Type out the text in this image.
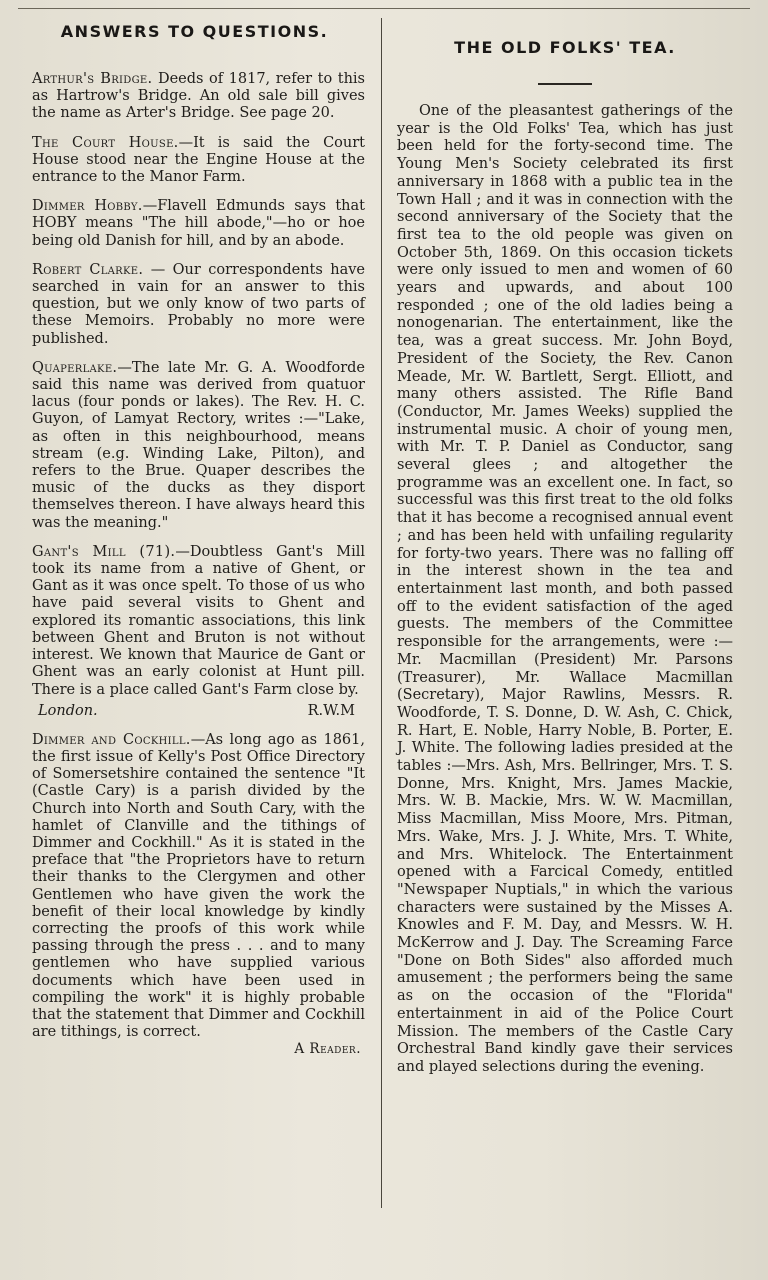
ANSWERS TO QUESTIONS.

Arthur's Bridge. Deeds of 1817, refer to this as Hartrow's Bridge. An old sale bill gives the name as Arter's Bridge. See page 20.

The Court House.—It is said the Court House stood near the Engine House at the entrance to the Manor Farm.

Dimmer Hobby.—Flavell Edmunds says that HOBY means "The hill abode,"—ho or hoe being old Danish for hill, and by an abode.

Robert Clarke. — Our correspondents have searched in vain for an answer to this question, but we only know of two parts of these Memoirs. Probably no more were published.

Quaperlake.—The late Mr. G. A. Woodforde said this name was derived from quatuor lacus (four ponds or lakes). The Rev. H. C. Guyon, of Lamyat Rectory, writes :—"Lake, as often in this neighbourhood, means stream (e.g. Winding Lake, Pilton), and refers to the Brue. Quaper describes the music of the ducks as they disport themselves thereon. I have always heard this was the meaning."

Gant's Mill (71).—Doubtless Gant's Mill took its name from a native of Ghent, or Gant as it was once spelt. To those of us who have paid several visits to Ghent and explored its romantic associations, this link between Ghent and Bruton is not without interest. We known that Maurice de Gant or Ghent was an early colonist at Hunt pill. There is a place called Gant's Farm close by.

London.	R.W.M

Dimmer and Cockhill.—As long ago as 1861, the first issue of Kelly's Post Office Directory of Somersetshire contained the sentence "It (Castle Cary) is a parish divided by the Church into North and South Cary, with the hamlet of Clanville and the tithings of Dimmer and Cockhill." As it is stated in the preface that "the Proprietors have to return their thanks to the Clergymen and other Gentlemen who have given the work the benefit of their local knowledge by kindly correcting the proofs of this work while passing through the press . . . and to many gentlemen who have supplied various documents which have been used in compiling the work" it is highly probable that the statement that Dimmer and Cockhill are tithings, is correct.

A Reader.
THE OLD FOLKS' TEA.

One of the pleasantest gatherings of the year is the Old Folks' Tea, which has just been held for the forty-second time. The Young Men's Society celebrated its first anniversary in 1868 with a public tea in the Town Hall ; and it was in connection with the second anniversary of the Society that the first tea to the old people was given on October 5th, 1869. On this occasion tickets were only issued to men and women of 60 years and upwards, and about 100 responded ; one of the old ladies being a nonogenarian. The entertainment, like the tea, was a great success. Mr. John Boyd, President of the Society, the Rev. Canon Meade, Mr. W. Bartlett, Sergt. Elliott, and many others assisted. The Rifle Band (Conductor, Mr. James Weeks) supplied the instrumental music. A choir of young men, with Mr. T. P. Daniel as Conductor, sang several glees ; and altogether the programme was an excellent one. In fact, so successful was this first treat to the old folks that it has become a recognised annual event ; and has been held with unfailing regularity for forty-two years. There was no falling off in the interest shown in the tea and entertainment last month, and both passed off to the evident satisfaction of the aged guests. The members of the Committee responsible for the arrangements, were :—Mr. Macmillan (President) Mr. Parsons (Treasurer), Mr. Wallace Macmillan (Secretary), Major Rawlins, Messrs. R. Woodforde, T. S. Donne, D. W. Ash, C. Chick, R. Hart, E. Noble, Harry Noble, B. Porter, E. J. White. The following ladies presided at the tables :—Mrs. Ash, Mrs. Bellringer, Mrs. T. S. Donne, Mrs. Knight, Mrs. James Mackie, Mrs. W. B. Mackie, Mrs. W. W. Macmillan, Miss Macmillan, Miss Moore, Mrs. Pitman, Mrs. Wake, Mrs. J. J. White, Mrs. T. White, and Mrs. Whitelock. The Entertainment opened with a Farcical Comedy, entitled "Newspaper Nuptials," in which the various characters were sustained by the Misses A. Knowles and F. M. Day, and Messrs. W. H. McKerrow and J. Day. The Screaming Farce "Done on Both Sides" also afforded much amusement ; the performers being the same as on the occasion of the "Florida" entertainment in aid of the Police Court Mission. The members of the Castle Cary Orchestral Band kindly gave their services and played selections during the evening.
